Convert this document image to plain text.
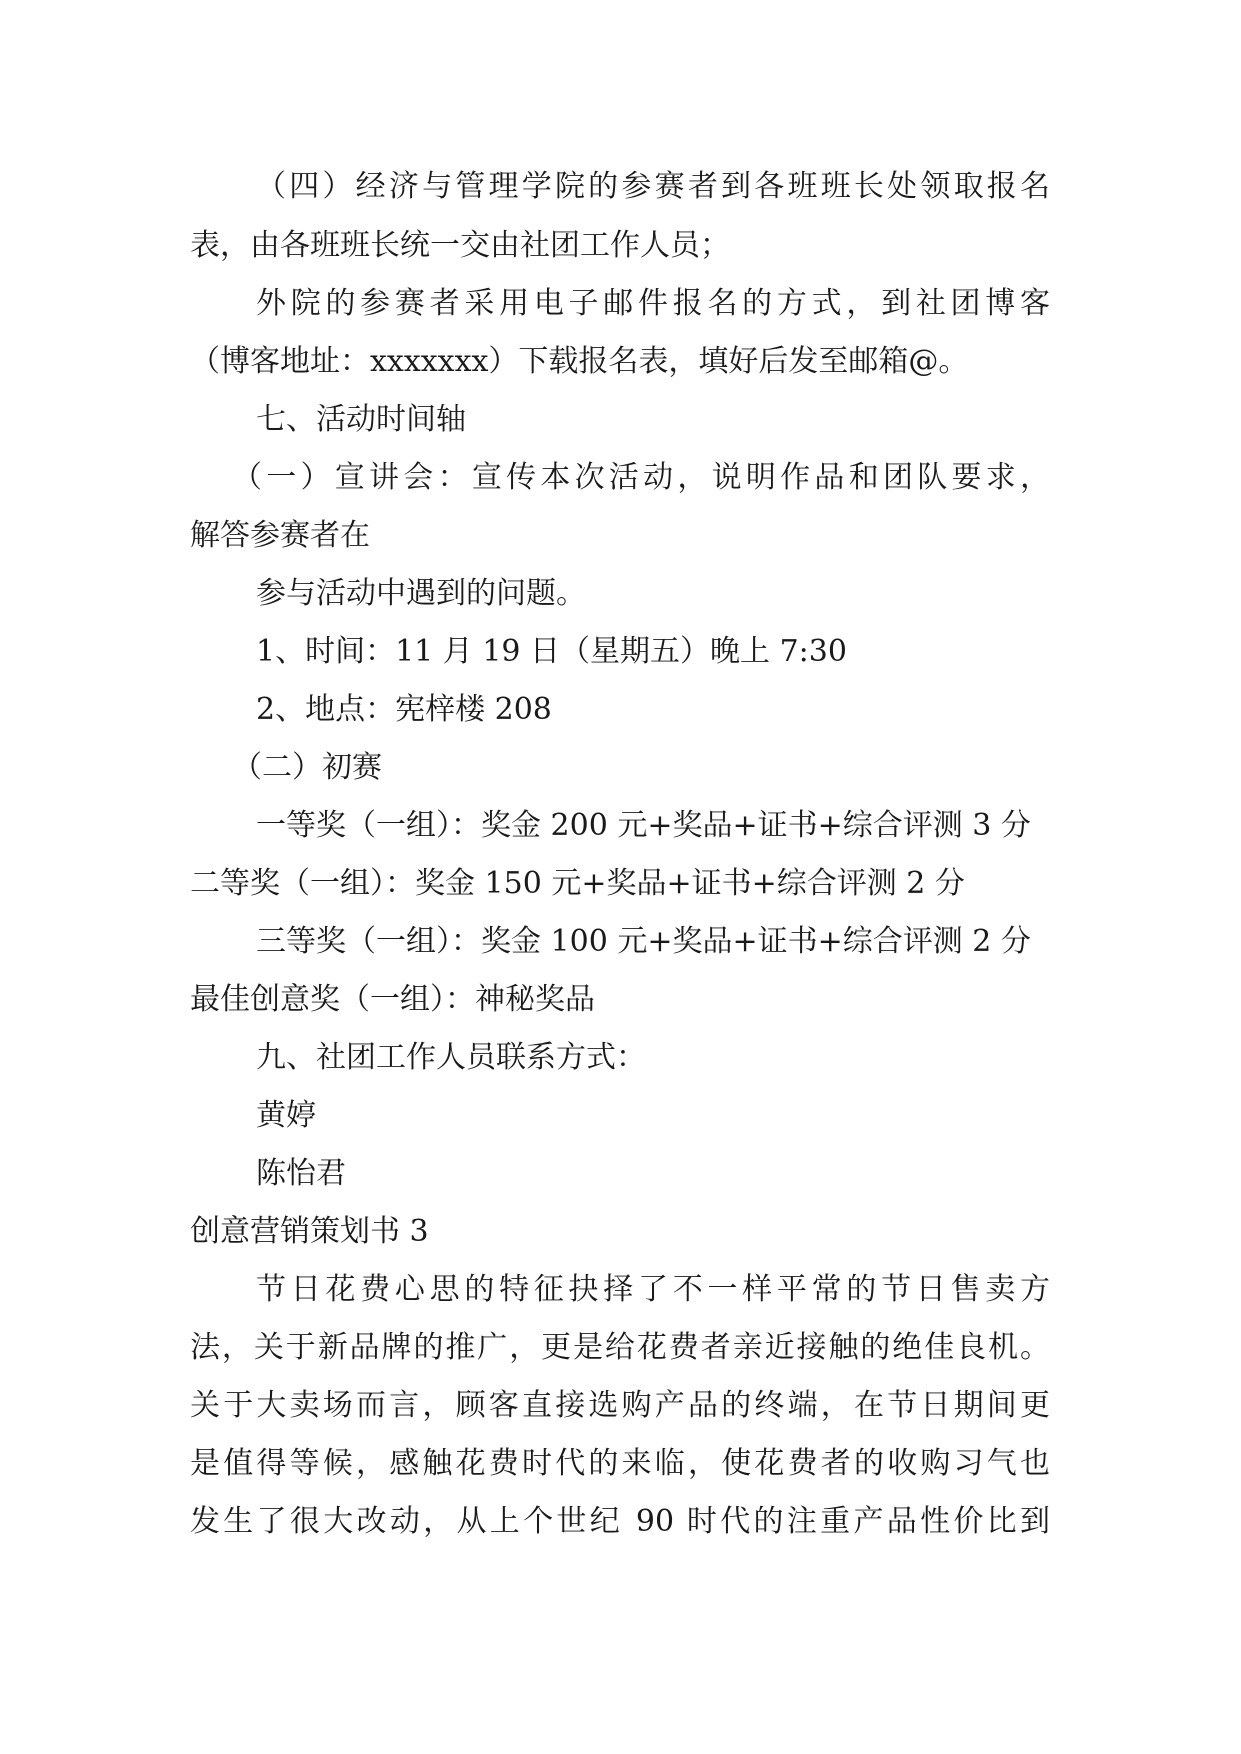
（四）经济与管理学院的参赛者到各班班长处领取报名
表，由各班班长统一交由社团工作人员；
外院的参赛者采用电子邮件报名的方式，到社团博客
（博客地址：xxxxxxx）下载报名表，填好后发至邮箱@。
七、活动时间轴
（一）宣讲会：宣传本次活动，说明作品和团队要求，
解答参赛者在
参与活动中遇到的问题。
1、时间：11 月 19 日（星期五）晚上 7:30
2、地点：宪梓楼 208
（二）初赛
一等奖（一组）：奖金 200 元+奖品+证书+综合评测 3 分
二等奖（一组）：奖金 150 元+奖品+证书+综合评测 2 分
三等奖（一组）：奖金 100 元+奖品+证书+综合评测 2 分
最佳创意奖（一组）：神秘奖品
九、社团工作人员联系方式：
黄婷
陈怡君
创意营销策划书 3
节日花费心思的特征抉择了不一样平常的节日售卖方
法，关于新品牌的推广，更是给花费者亲近接触的绝佳良机。
关于大卖场而言，顾客直接选购产品的终端，在节日期间更
是值得等候，感触花费时代的来临，使花费者的收购习气也
发生了很大改动，从上个世纪 90 时代的注重产品性价比到
